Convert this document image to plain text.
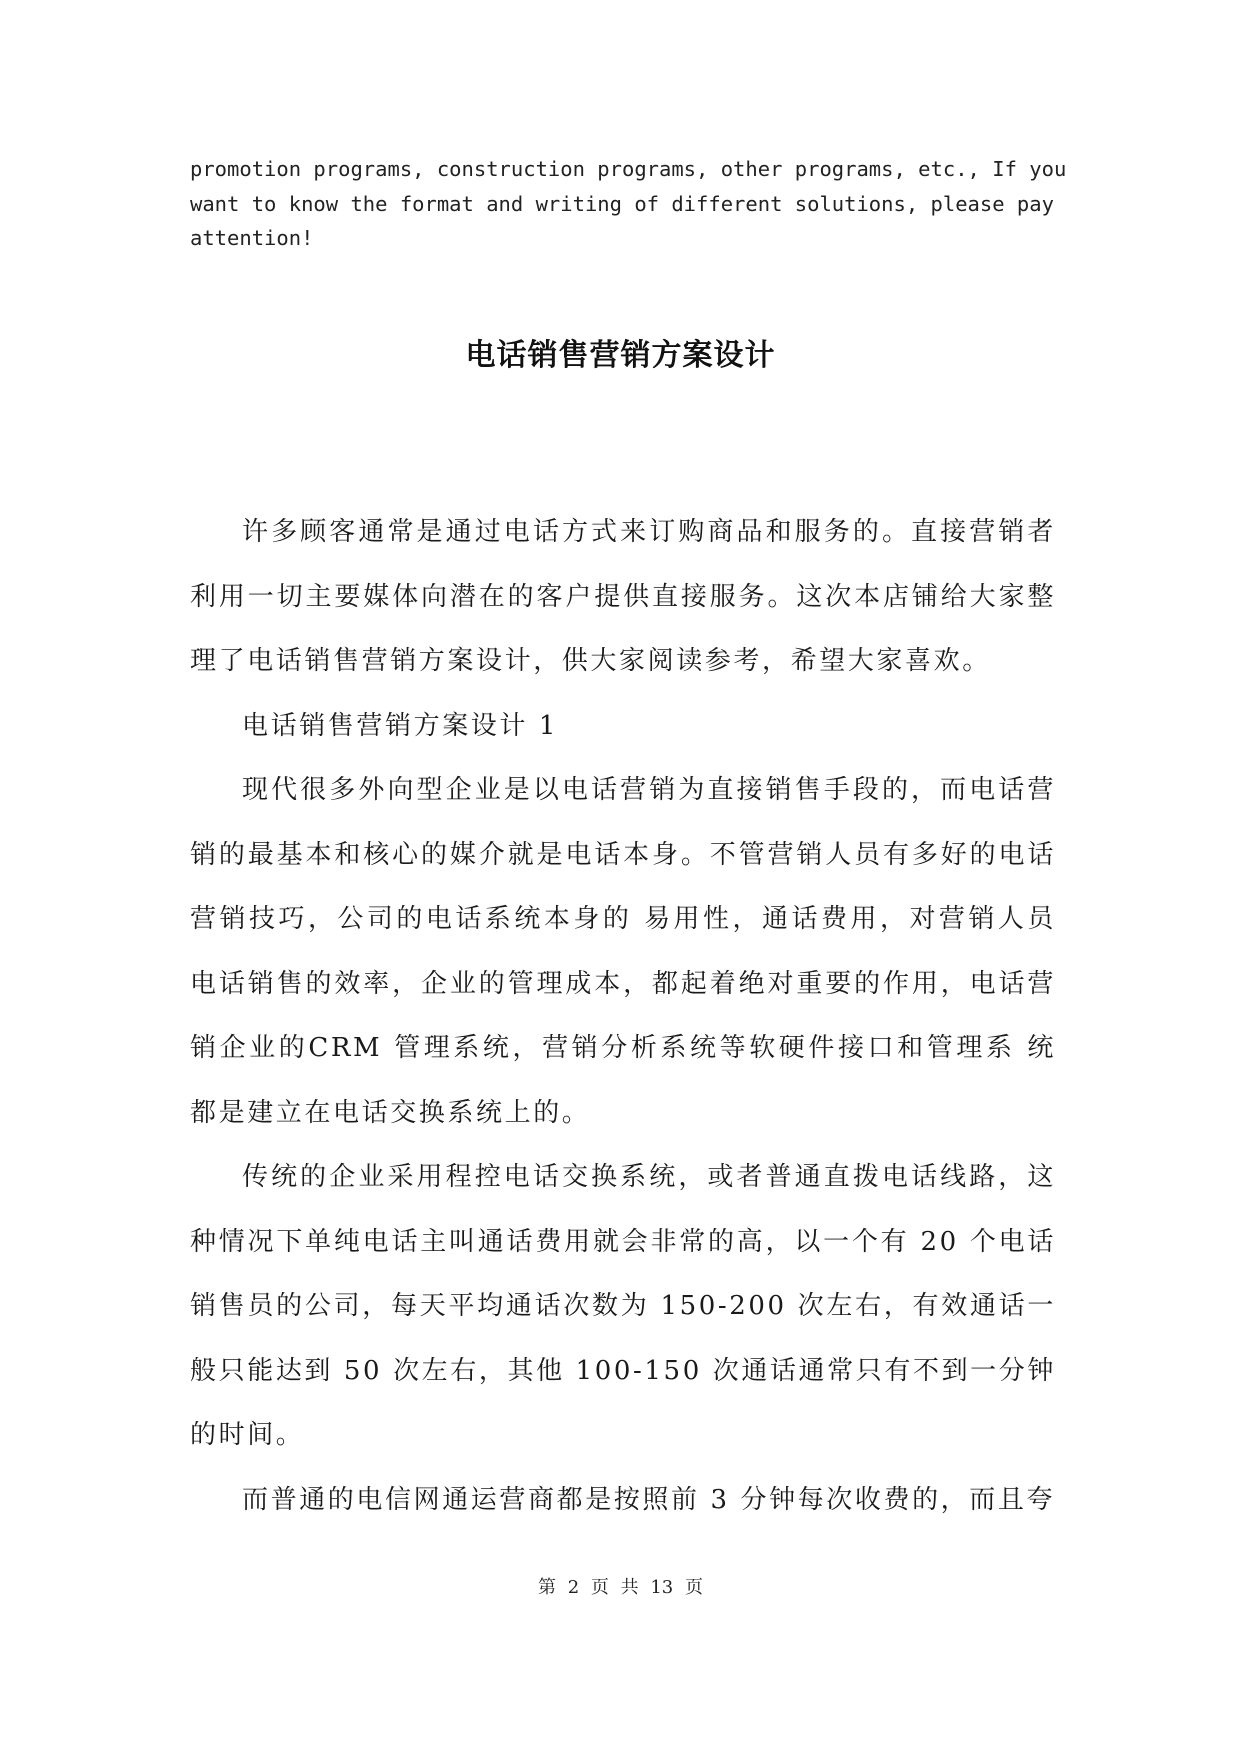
promotion programs, construction programs, other programs, etc., If you want to know the format and writing of different solutions, please pay attention!

电话销售营销方案设计

许多顾客通常是通过电话方式来订购商品和服务的。直接营销者利用一切主要媒体向潜在的客户提供直接服务。这次本店铺给大家整理了电话销售营销方案设计，供大家阅读参考，希望大家喜欢。

电话销售营销方案设计 1

现代很多外向型企业是以电话营销为直接销售手段的，而电话营销的最基本和核心的媒介就是电话本身。不管营销人员有多好的电话营销技巧，公司的电话系统本身的 易用性，通话费用，对营销人员电话销售的效率，企业的管理成本，都起着绝对重要的作用，电话营销企业的CRM 管理系统，营销分析系统等软硬件接口和管理系 统都是建立在电话交换系统上的。

传统的企业采用程控电话交换系统，或者普通直拨电话线路，这种情况下单纯电话主叫通话费用就会非常的高，以一个有 20 个电话销售员的公司，每天平均通话次数为 150-200 次左右，有效通话一般只能达到 50 次左右，其他 100-150 次通话通常只有不到一分钟的时间。

而普通的电信网通运营商都是按照前 3 分钟每次收费的，而且夸

第 2 页 共 13 页
